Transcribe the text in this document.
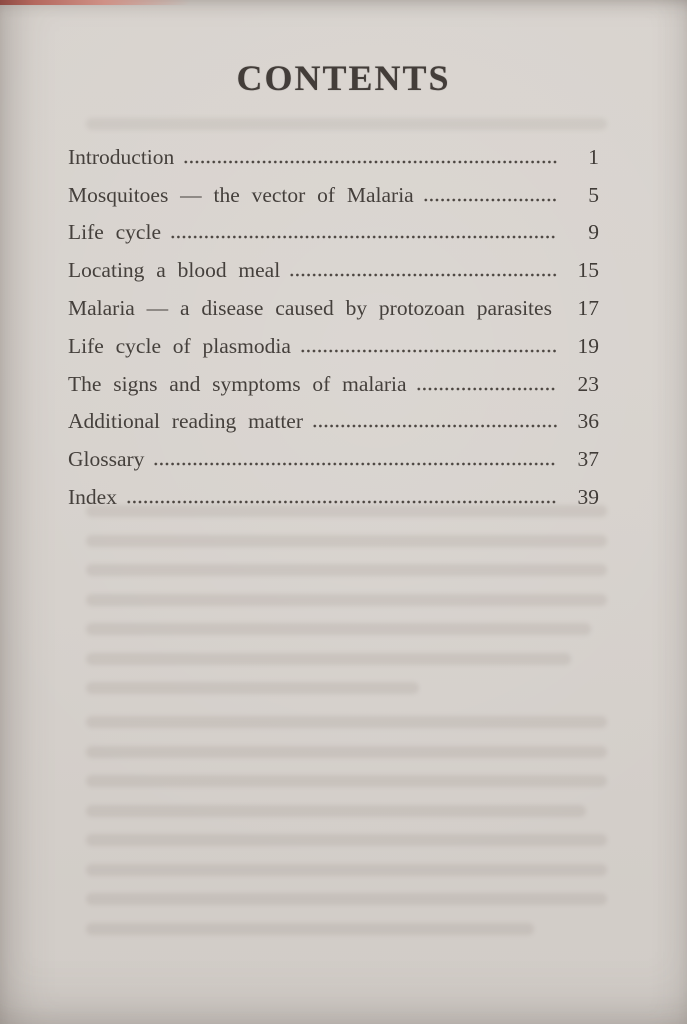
CONTENTS
Introduction	1
Mosquitoes — the vector of Malaria	5
Life cycle	9
Locating a blood meal	15
Malaria — a disease caused by protozoan parasites	17
Life cycle of plasmodia	19
The signs and symptoms of malaria	23
Additional reading matter	36
Glossary	37
Index	39
